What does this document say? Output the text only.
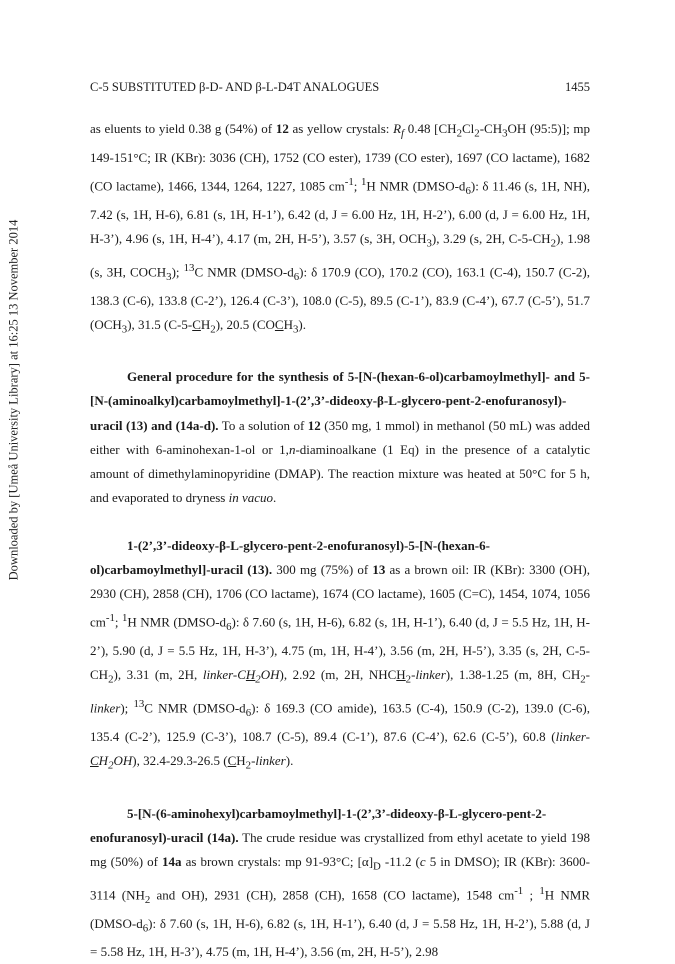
Downloaded by [Umeå University Library] at 16:25 13 November 2014
C-5 SUBSTITUTED β-D- AND β-L-D4T ANALOGUES	1455

as eluents to yield 0.38 g (54%) of 12 as yellow crystals: $R_f$ 0.48 [$CH_2Cl_2-CH_3OH$ (95:5)]; mp 149-151°C; IR (KBr): 3036 (CH), 1752 (CO ester), 1739 (CO ester), 1697 (CO lactame), 1682 (CO lactame), 1466, 1344, 1264, 1227, 1085 $cm^{-1}$; $^1$H NMR $(DMSO-d_6)$: δ 11.46 (s, 1H, NH), 7.42 (s, 1H, H-6), 6.81 (s, 1H, H-1’), 6.42 (d, J = 6.00 Hz, 1H, H-2’), 6.00 (d, J = 6.00 Hz, 1H, H-3’), 4.96 (s, 1H, H-4’), 4.17 (m, 2H, H-5’), 3.57 (s, 3H, $OCH_3$), 3.29 (s, 2H, $C-5-CH_2$), 1.98 (s, 3H, $COCH_3$); $^{13}$C NMR $(DMSO-d_6)$: δ 170.9 (CO), 170.2 (CO), 163.1 (C-4), 150.7 (C-2), 138.3 (C-6), 133.8 (C-2’), 126.4 (C-3’), 108.0 (C-5), 89.5 (C-1’), 83.9 (C-4’), 67.7 (C-5’), 51.7 $(OCH_3)$, 31.5 $(C-5-CH_2)$, 20.5 $(COCH_3)$.

General procedure for the synthesis of 5-[N-(hexan-6-ol)carbamoylmethyl]- and 5-[N-(aminoalkyl)carbamoylmethyl]-1-(2’,3’-dideoxy-β-L-glycero-pent-2-enofuranosyl)-uracil (13) and (14a-d). To a solution of 12 (350 mg, 1 mmol) in methanol (50 mL) was added either with 6-aminohexan-1-ol or 1,n-diaminoalkane (1 Eq) in the presence of a catalytic amount of dimethylaminopyridine (DMAP). The reaction mixture was heated at 50°C for 5 h, and evaporated to dryness in vacuo.

1-(2’,3’-dideoxy-β-L-glycero-pent-2-enofuranosyl)-5-[N-(hexan-6-ol)carbamoylmethyl]-uracil (13). 300 mg (75%) of 13 as a brown oil: IR (KBr): 3300 (OH), 2930 (CH), 2858 (CH), 1706 (CO lactame), 1674 (CO lactame), 1605 (C=C), 1454, 1074, 1056 $cm^{-1}$; $^1$H NMR $(DMSO-d_6)$: δ 7.60 (s, 1H, H-6), 6.82 (s, 1H, H-1’), 6.40 (d, J = 5.5 Hz, 1H, H-2’), 5.90 (d, J = 5.5 Hz, 1H, H-3’), 4.75 (m, 1H, H-4’), 3.56 (m, 2H, H-5’), 3.35 (s, 2H, $C-5-CH_2$), 3.31 (m, 2H, linker-$CH_2OH$), 2.92 (m, 2H, $NHCH_2-linker$), 1.38-1.25 (m, 8H, $CH_2-linker$); $^{13}$C NMR $(DMSO-d_6)$: δ 169.3 (CO amide), 163.5 (C-4), 150.9 (C-2), 139.0 (C-6), 135.4 (C-2’), 125.9 (C-3’), 108.7 (C-5), 89.4 (C-1’), 87.6 (C-4’), 62.6 (C-5’), 60.8 $(linker-CH_2OH)$, 32.4-29.3-26.5 $(CH_2-linker)$.

5-[N-(6-aminohexyl)carbamoylmethyl]-1-(2’,3’-dideoxy-β-L-glycero-pent-2-enofuranosyl)-uracil (14a). The crude residue was crystallized from ethyl acetate to yield 198 mg (50%) of 14a as brown crystals: mp 91-93°C; $[\alpha]_D$ -11.2 (c 5 in DMSO); IR (KBr): 3600-3114 ($NH_2$ and OH), 2931 (CH), 2858 (CH), 1658 (CO lactame), 1548 $cm^{-1}$ ; $^1$H NMR $(DMSO-d_6)$: δ 7.60 (s, 1H, H-6), 6.82 (s, 1H, H-1’), 6.40 (d, J = 5.58 Hz, 1H, H-2’), 5.88 (d, J = 5.58 Hz, 1H, H-3’), 4.75 (m, 1H, H-4’), 3.56 (m, 2H, H-5’), 2.98
